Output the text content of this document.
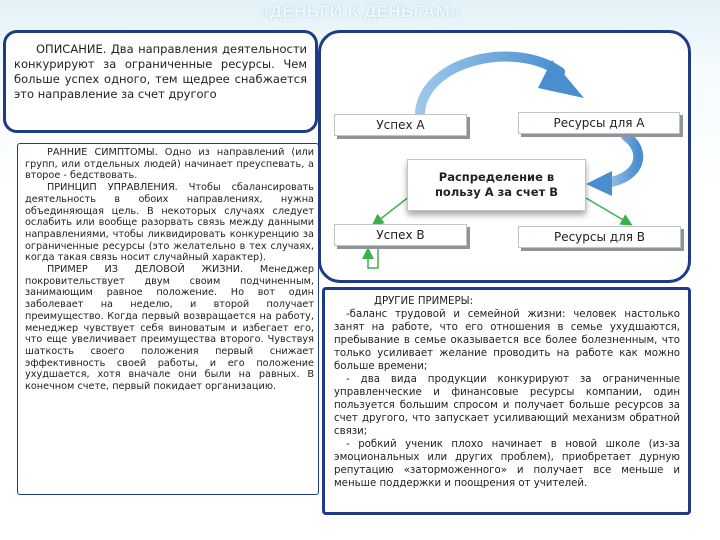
«ДЕНЬГИ К ДЕНЬГАМ»
ОПИСАНИЕ. Два направления деятельности конкурируют за ограниченные ресурсы. Чем больше успех одного, тем щедрее снабжается это направление за счет другого

РАННИЕ СИМПТОМЫ. Одно из направлений (или групп, или отдельных людей) начинает преуспевать, а второе - бедствовать.

ПРИНЦИП УПРАВЛЕНИЯ. Чтобы сбалансировать деятельность в обоих направлениях, нужна объединяющая цель. В некоторых случаях следует ослабить или вообще разорвать связь между данными направлениями, чтобы ликвидировать конкуренцию за ограниченные ресурсы (это желательно в тех случаях, когда такая связь носит случайный характер).

ПРИМЕР ИЗ ДЕЛОВОЙ ЖИЗНИ. Менеджер покровительствует двум своим подчиненным, занимающим равное положение. Но вот один заболевает на неделю, и второй получает преимущество. Когда первый возвращается на работу, менеджер чувствует себя виноватым и избегает его, что еще увеличивает преимущества второго. Чувствуя шаткость своего положения первый снижает эффективность своей работы, и его положение ухудшается, хотя вначале они были на равных. В конечном счете, первый покидает организацию.

Успех А	Ресурсы для А
Распределение в
пользу А за счет В
Успех В	Ресурсы для В

ДРУГИЕ ПРИМЕРЫ:

-баланс трудовой и семейной жизни: человек настолько занят на работе, что его отношения в семье ухудшаются, пребывание в семье оказывается все более болезненным, что только усиливает желание проводить на работе как можно больше времени;

- два вида продукции конкурируют за ограниченные управленческие и финансовые ресурсы компании, один пользуется большим спросом и получает больше ресурсов за счет другого, что запускает усиливающий механизм обратной связи;

- робкий ученик плохо начинает в новой школе (из-за эмоциональных или других проблем), приобретает дурную репутацию «заторможенного» и получает все меньше и меньше поддержки и поощрения от учителей.
